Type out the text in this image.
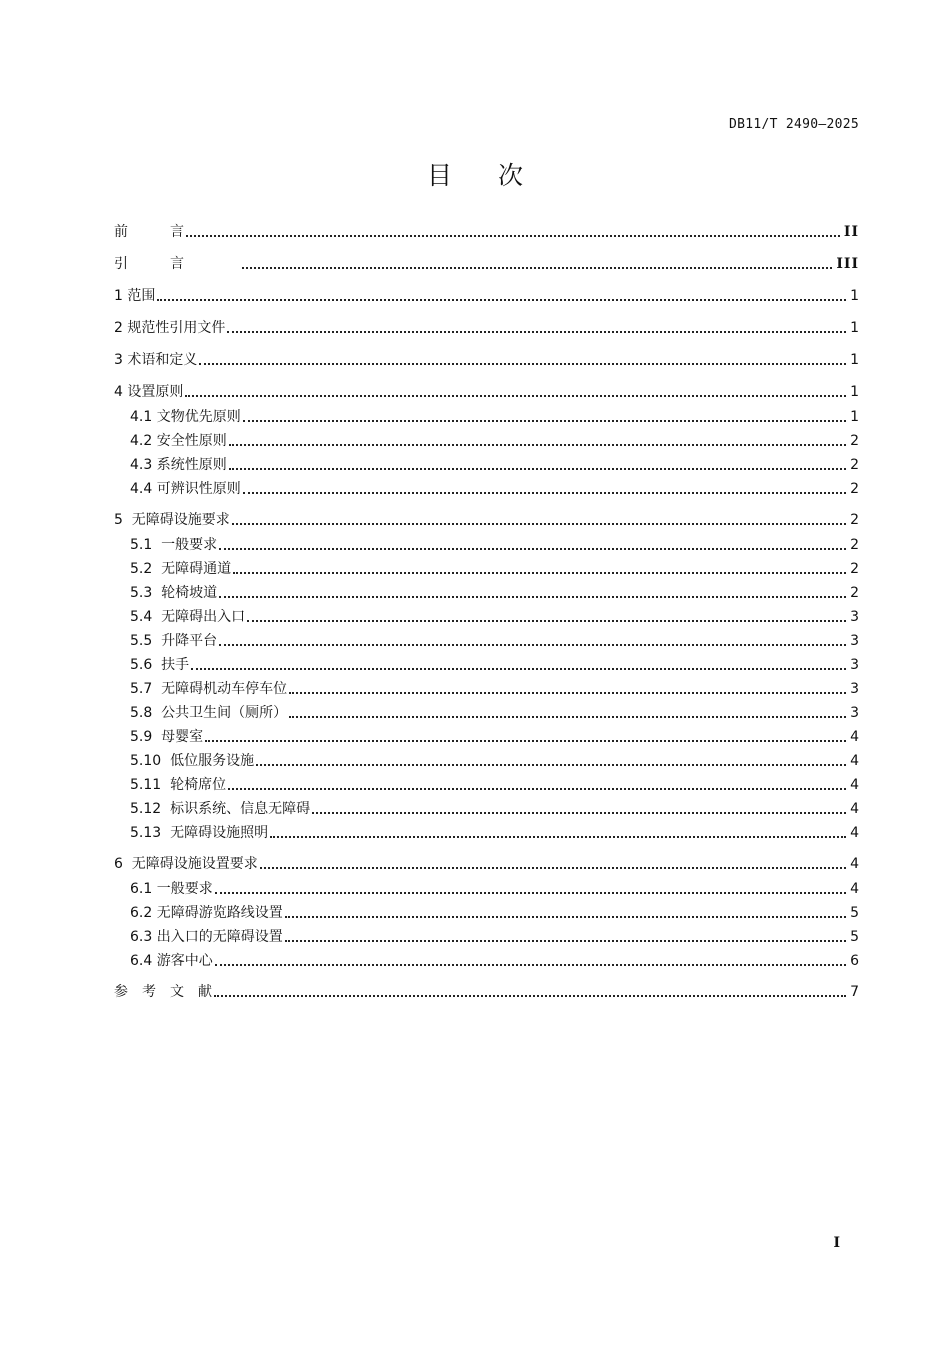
DB11/T 2490—2025
目次
前　　　言	II
引　　　言	III
1 范围	1
2 规范性引用文件	1
3 术语和定义	1
4 设置原则	1
4.1 文物优先原则	1
4.2 安全性原则	2
4.3 系统性原则	2
4.4 可辨识性原则	2
5  无障碍设施要求	2
5.1  一般要求	2
5.2  无障碍通道	2
5.3  轮椅坡道	2
5.4  无障碍出入口	3
5.5  升降平台	3
5.6  扶手	3
5.7  无障碍机动车停车位	3
5.8  公共卫生间（厕所）	3
5.9  母婴室	4
5.10  低位服务设施	4
5.11  轮椅席位	4
5.12  标识系统、信息无障碍	4
5.13  无障碍设施照明	4
6  无障碍设施设置要求	4
6.1 一般要求	4
6.2 无障碍游览路线设置	5
6.3 出入口的无障碍设置	5
6.4 游客中心	6
参　考　文　献	7
I
